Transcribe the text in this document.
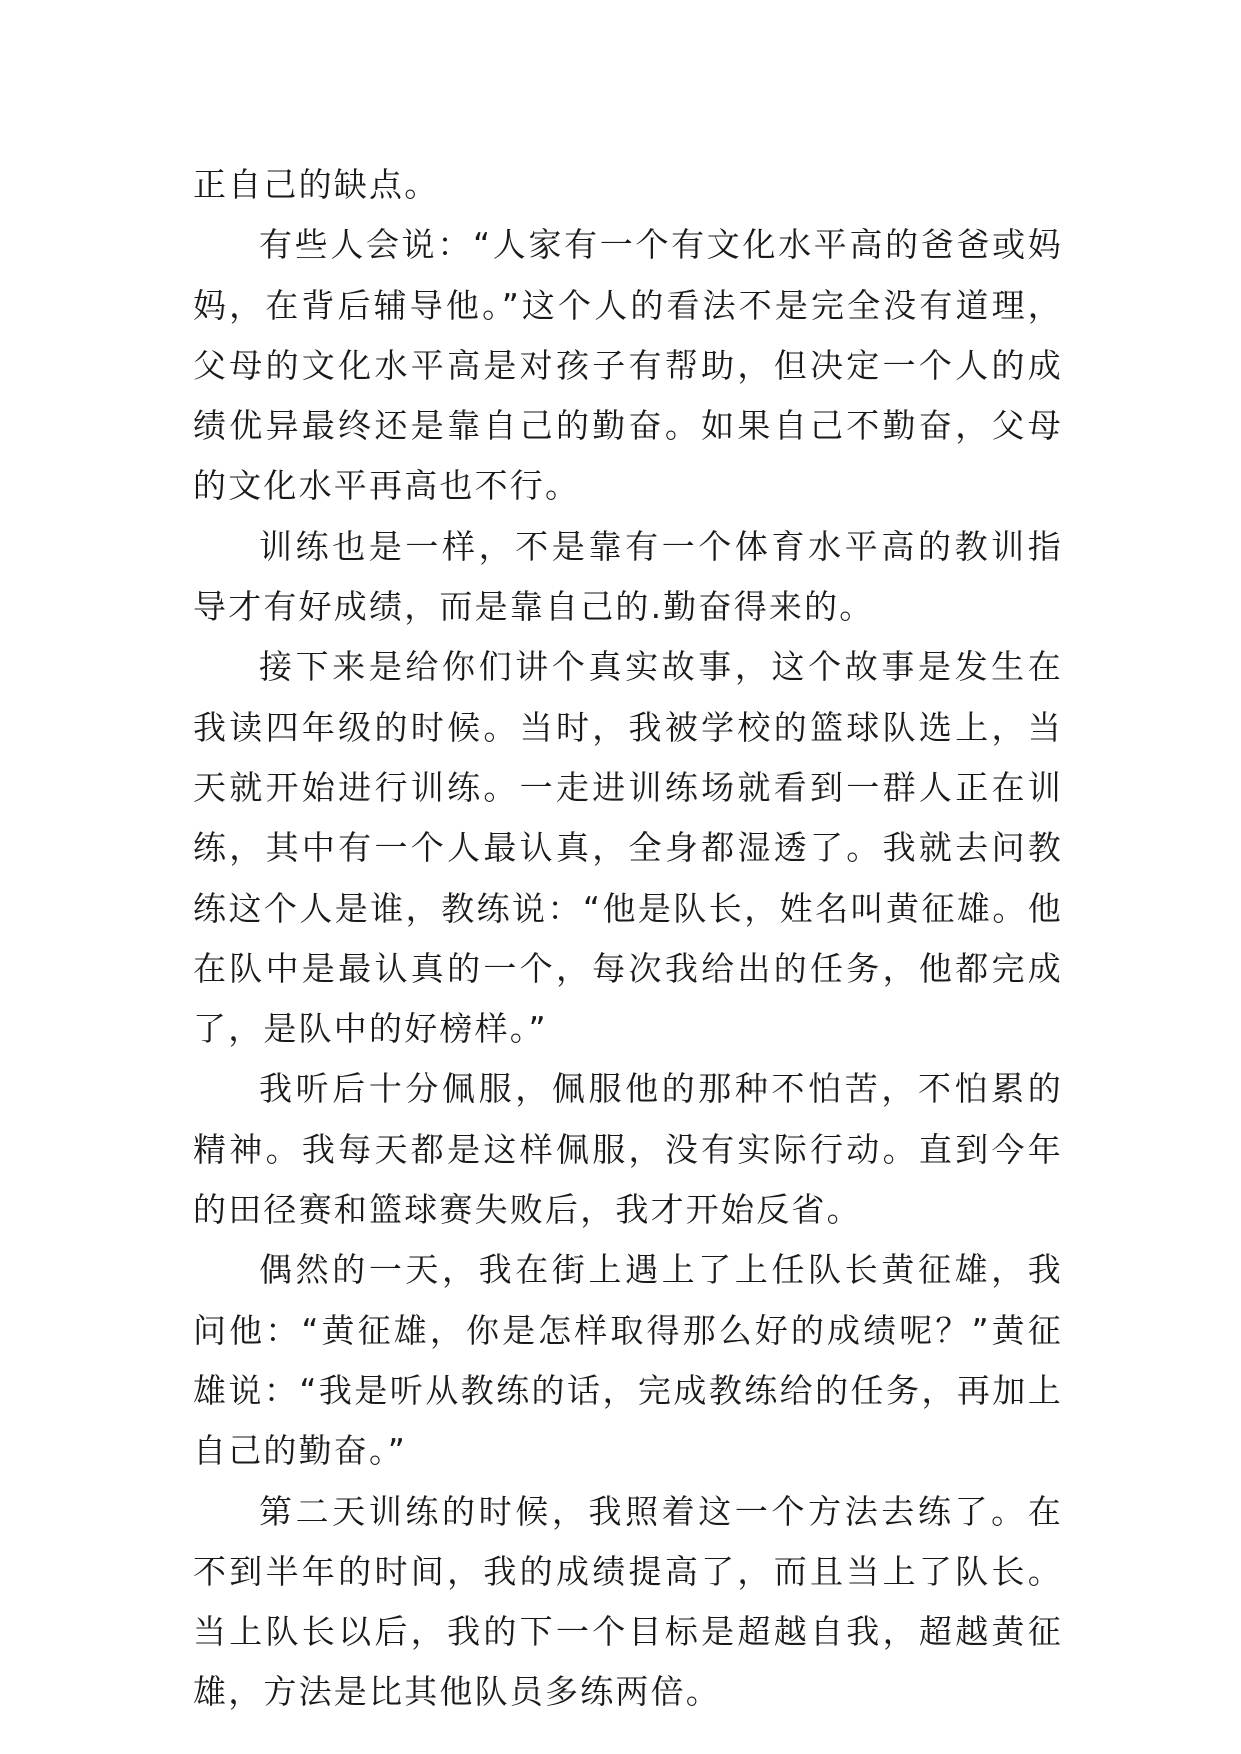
正自己的缺点。

有些人会说：“人家有一个有文化水平高的爸爸或妈妈，在背后辅导他。”这个人的看法不是完全没有道理，父母的文化水平高是对孩子有帮助，但决定一个人的成绩优异最终还是靠自己的勤奋。如果自己不勤奋，父母的文化水平再高也不行。

训练也是一样，不是靠有一个体育水平高的教训指导才有好成绩，而是靠自己的.勤奋得来的。

接下来是给你们讲个真实故事，这个故事是发生在我读四年级的时候。当时，我被学校的篮球队选上，当天就开始进行训练。一走进训练场就看到一群人正在训练，其中有一个人最认真，全身都湿透了。我就去问教练这个人是谁，教练说：“他是队长，姓名叫黄征雄。他在队中是最认真的一个，每次我给出的任务，他都完成了，是队中的好榜样。”

我听后十分佩服，佩服他的那种不怕苦，不怕累的精神。我每天都是这样佩服，没有实际行动。直到今年的田径赛和篮球赛失败后，我才开始反省。

偶然的一天，我在街上遇上了上任队长黄征雄，我问他：“黄征雄，你是怎样取得那么好的成绩呢？”黄征雄说：“我是听从教练的话，完成教练给的任务，再加上自己的勤奋。”

第二天训练的时候，我照着这一个方法去练了。在不到半年的时间，我的成绩提高了，而且当上了队长。当上队长以后，我的下一个目标是超越自我，超越黄征雄，方法是比其他队员多练两倍。
